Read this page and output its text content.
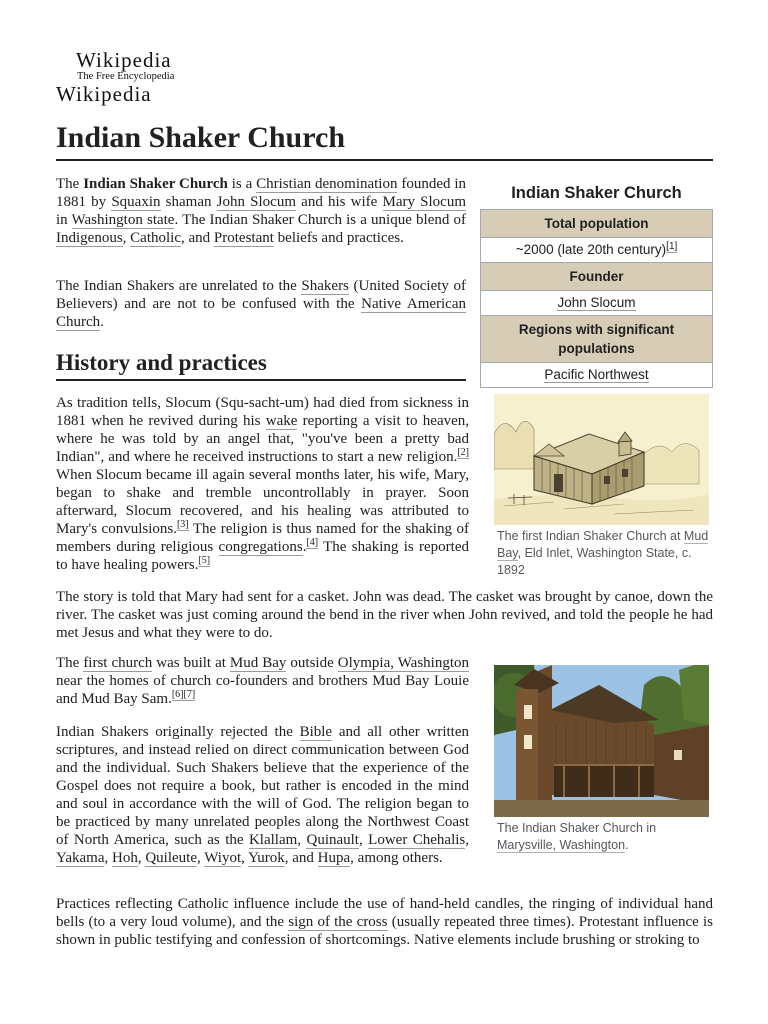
Wikipedia
The Free Encyclopedia
Wikipedia
Indian Shaker Church

The Indian Shaker Church is a Christian denomination founded in 1881 by Squaxin shaman John Slocum and his wife Mary Slocum in Washington state. The Indian Shaker Church is a unique blend of Indigenous, Catholic, and Protestant beliefs and practices.

The Indian Shakers are unrelated to the Shakers (United Society of Believers) and are not to be confused with the Native American Church.

History and practices

As tradition tells, Slocum (Squ-sacht-um) had died from sickness in 1881 when he revived during his wake reporting a visit to heaven, where he was told by an angel that, "you've been a pretty bad Indian", and where he received instructions to start a new religion.[2] When Slocum became ill again several months later, his wife, Mary, began to shake and tremble uncontrollably in prayer. Soon afterward, Slocum recovered, and his healing was attributed to Mary's convulsions.[3] The religion is thus named for the shaking of members during religious congregations.[4] The shaking is reported to have healing powers.[5]

The story is told that Mary had sent for a casket. John was dead. The casket was brought by canoe, down the river. The casket was just coming around the bend in the river when John revived, and told the people he had met Jesus and what they were to do.

The first church was built at Mud Bay outside Olympia, Washington near the homes of church co-founders and brothers Mud Bay Louie and Mud Bay Sam.[6][7]

Indian Shakers originally rejected the Bible and all other written scriptures, and instead relied on direct communication between God and the individual. Such Shakers believe that the experience of the Gospel does not require a book, but rather is encoded in the mind and soul in accordance with the will of God. The religion began to be practiced by many unrelated peoples along the Northwest Coast of North America, such as the Klallam, Quinault, Lower Chehalis, Yakama, Hoh, Quileute, Wiyot, Yurok, and Hupa, among others.

Practices reflecting Catholic influence include the use of hand-held candles, the ringing of individual hand bells (to a very loud volume), and the sign of the cross (usually repeated three times). Protestant influence is shown in public testifying and confession of shortcomings. Native elements include brushing or stroking to

Indian Shaker Church
Total population
~2000 (late 20th century)[1]
Founder
John Slocum
Regions with significant populations
Pacific Northwest
The first Indian Shaker Church at Mud Bay, Eld Inlet, Washington State, c. 1892
The Indian Shaker Church in Marysville, Washington.
